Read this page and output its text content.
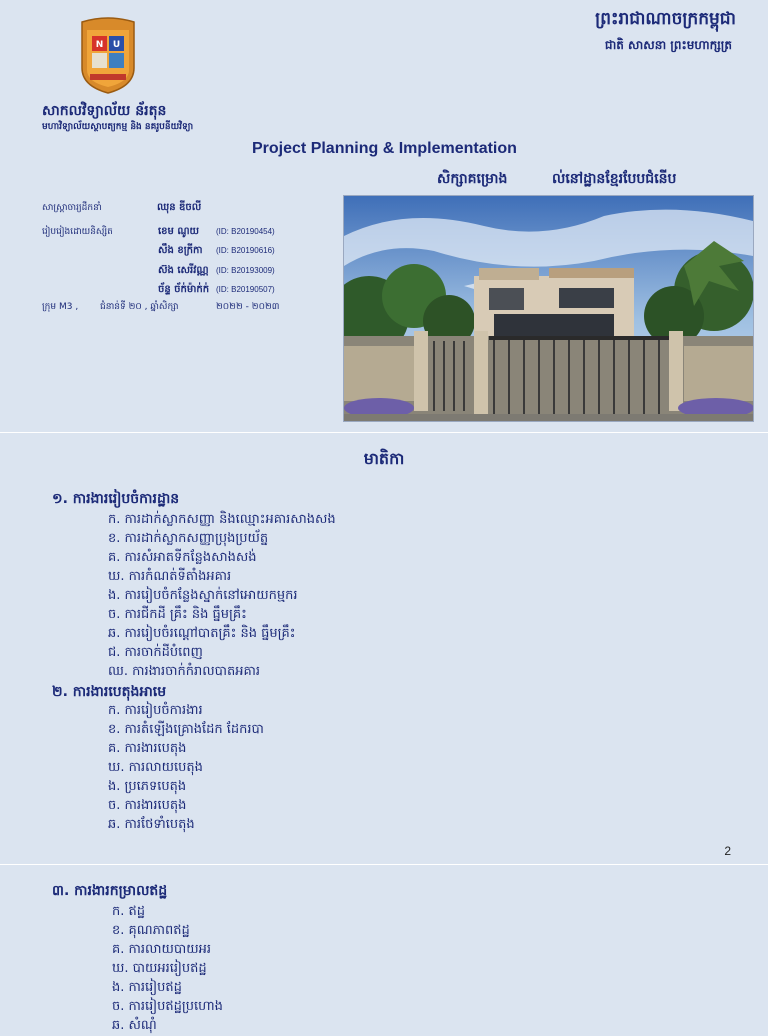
N U
ព្រះរាជាណាចក្រកម្ពុជា
ជាតិ សាសនា ព្រះមហាក្សត្រ
សាកលវិទ្យាល័យ ន័រតុន
មហាវិទ្យាល័យស្ថាបត្យកម្ម និង នគរូបនីយវិទ្យា
Project Planning & Implementation
សិក្សាគម្រោង	ល់នៅដ្ឋានខ្មែរបែបជំនើប
សាស្រ្តាចារ្យដឹកនាំ	ឈុន ឌីចលី
រៀបរៀងដោយនិស្សិត	ខេម ណូយ (ID: B20190454)
សឹង ខក្រីកា (ID: B20190616)
ស៊ង សេរីវណ្ណ (ID: B20193009)
ច័ន្ទ ច័ក់ម៉ាក់ក់ (ID: B20190507)
ក្រុម M3 , ជំនាន់ទី ២០ , ឆ្នាំសិក្សា	២០២២ - ២០២៣
មាតិកា
១. ការងារ​រៀបចំការដ្ឋាន
ក. ការដាក់ស្លាកសញ្ញា និងឈ្មោះអគារសាងសង
ខ. ការដាក់ស្លាកសញ្ញាប្រុងប្រយ័ត្ន
គ. ការសំអាតទីកន្លែងសាងសង់
ឃ. ការកំណត់ទីតាំងអគារ
ង. ការរៀបចំកន្លែងស្នាក់នៅអោយកម្មករ
ច. ការជីកដី គ្រឹះ និង ធ្នឹមគ្រឹះ
ឆ. ការរៀបចំរណ្ដៅបាតគ្រឹះ និង ធ្នឹមគ្រឹះ
ជ. ការចាក់ដីបំពេញ
ឈ. ការងារចាក់កំរាលបាតអគារ
២. ការងារ​បេតុងអាមេ
ក. ការរៀបចំការងារ
ខ. ការតំឡើងគ្រោងដែក ដែករបា
គ. ការងារបេតុង
ឃ. ការលាយបេតុង
ង. ប្រភេទបេតុង
ច. ការងារបេតុង
ឆ. ការថែទាំបេតុង
2
៣. ការងារ​កម្រាលឥដ្ឋ
ក. ឥដ្ឋ
ខ. គុណភាពឥដ្ឋ
គ. ការលាយបាយអរ
ឃ. បាយអររៀបឥដ្ឋ
ង. ការរៀបឥដ្ឋ
ច. ការរៀបឥដ្ឋប្រហោង
ឆ. សំណុំ
